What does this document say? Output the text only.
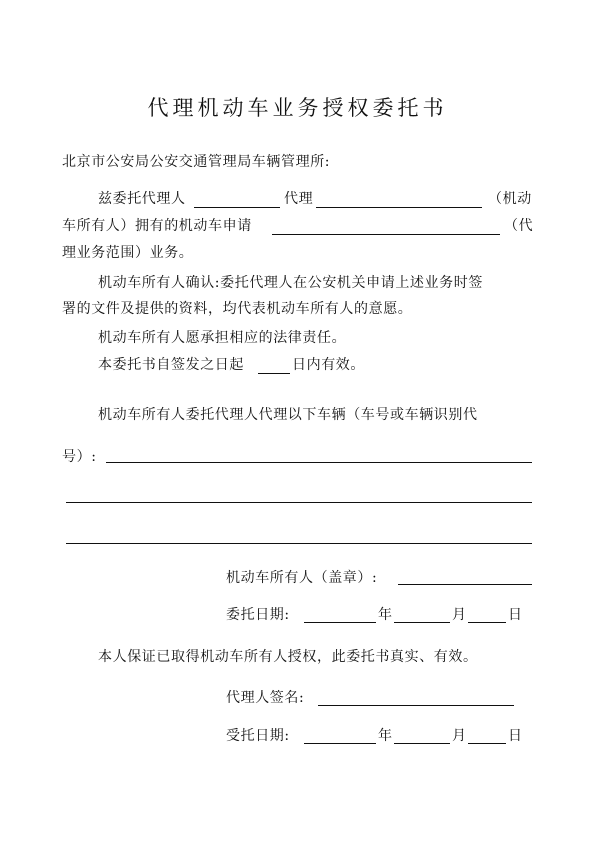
代理机动车业务授权委托书
北京市公安局公安交通管理局车辆管理所:
兹委托代理人	代理	（机动
车所有人）拥有的机动车申请	（代
理业务范围）业务。
机动车所有人确认:委托代理人在公安机关申请上述业务时签
署的文件及提供的资料，均代表机动车所有人的意愿。
机动车所有人愿承担相应的法律责任。
本委托书自签发之日起	日内有效。
机动车所有人委托代理人代理以下车辆（车号或车辆识别代
号）:
机动车所有人（盖章）:
委托日期:	年	月	日
本人保证已取得机动车所有人授权，此委托书真实、有效。
代理人签名:
受托日期:	年	月	日
